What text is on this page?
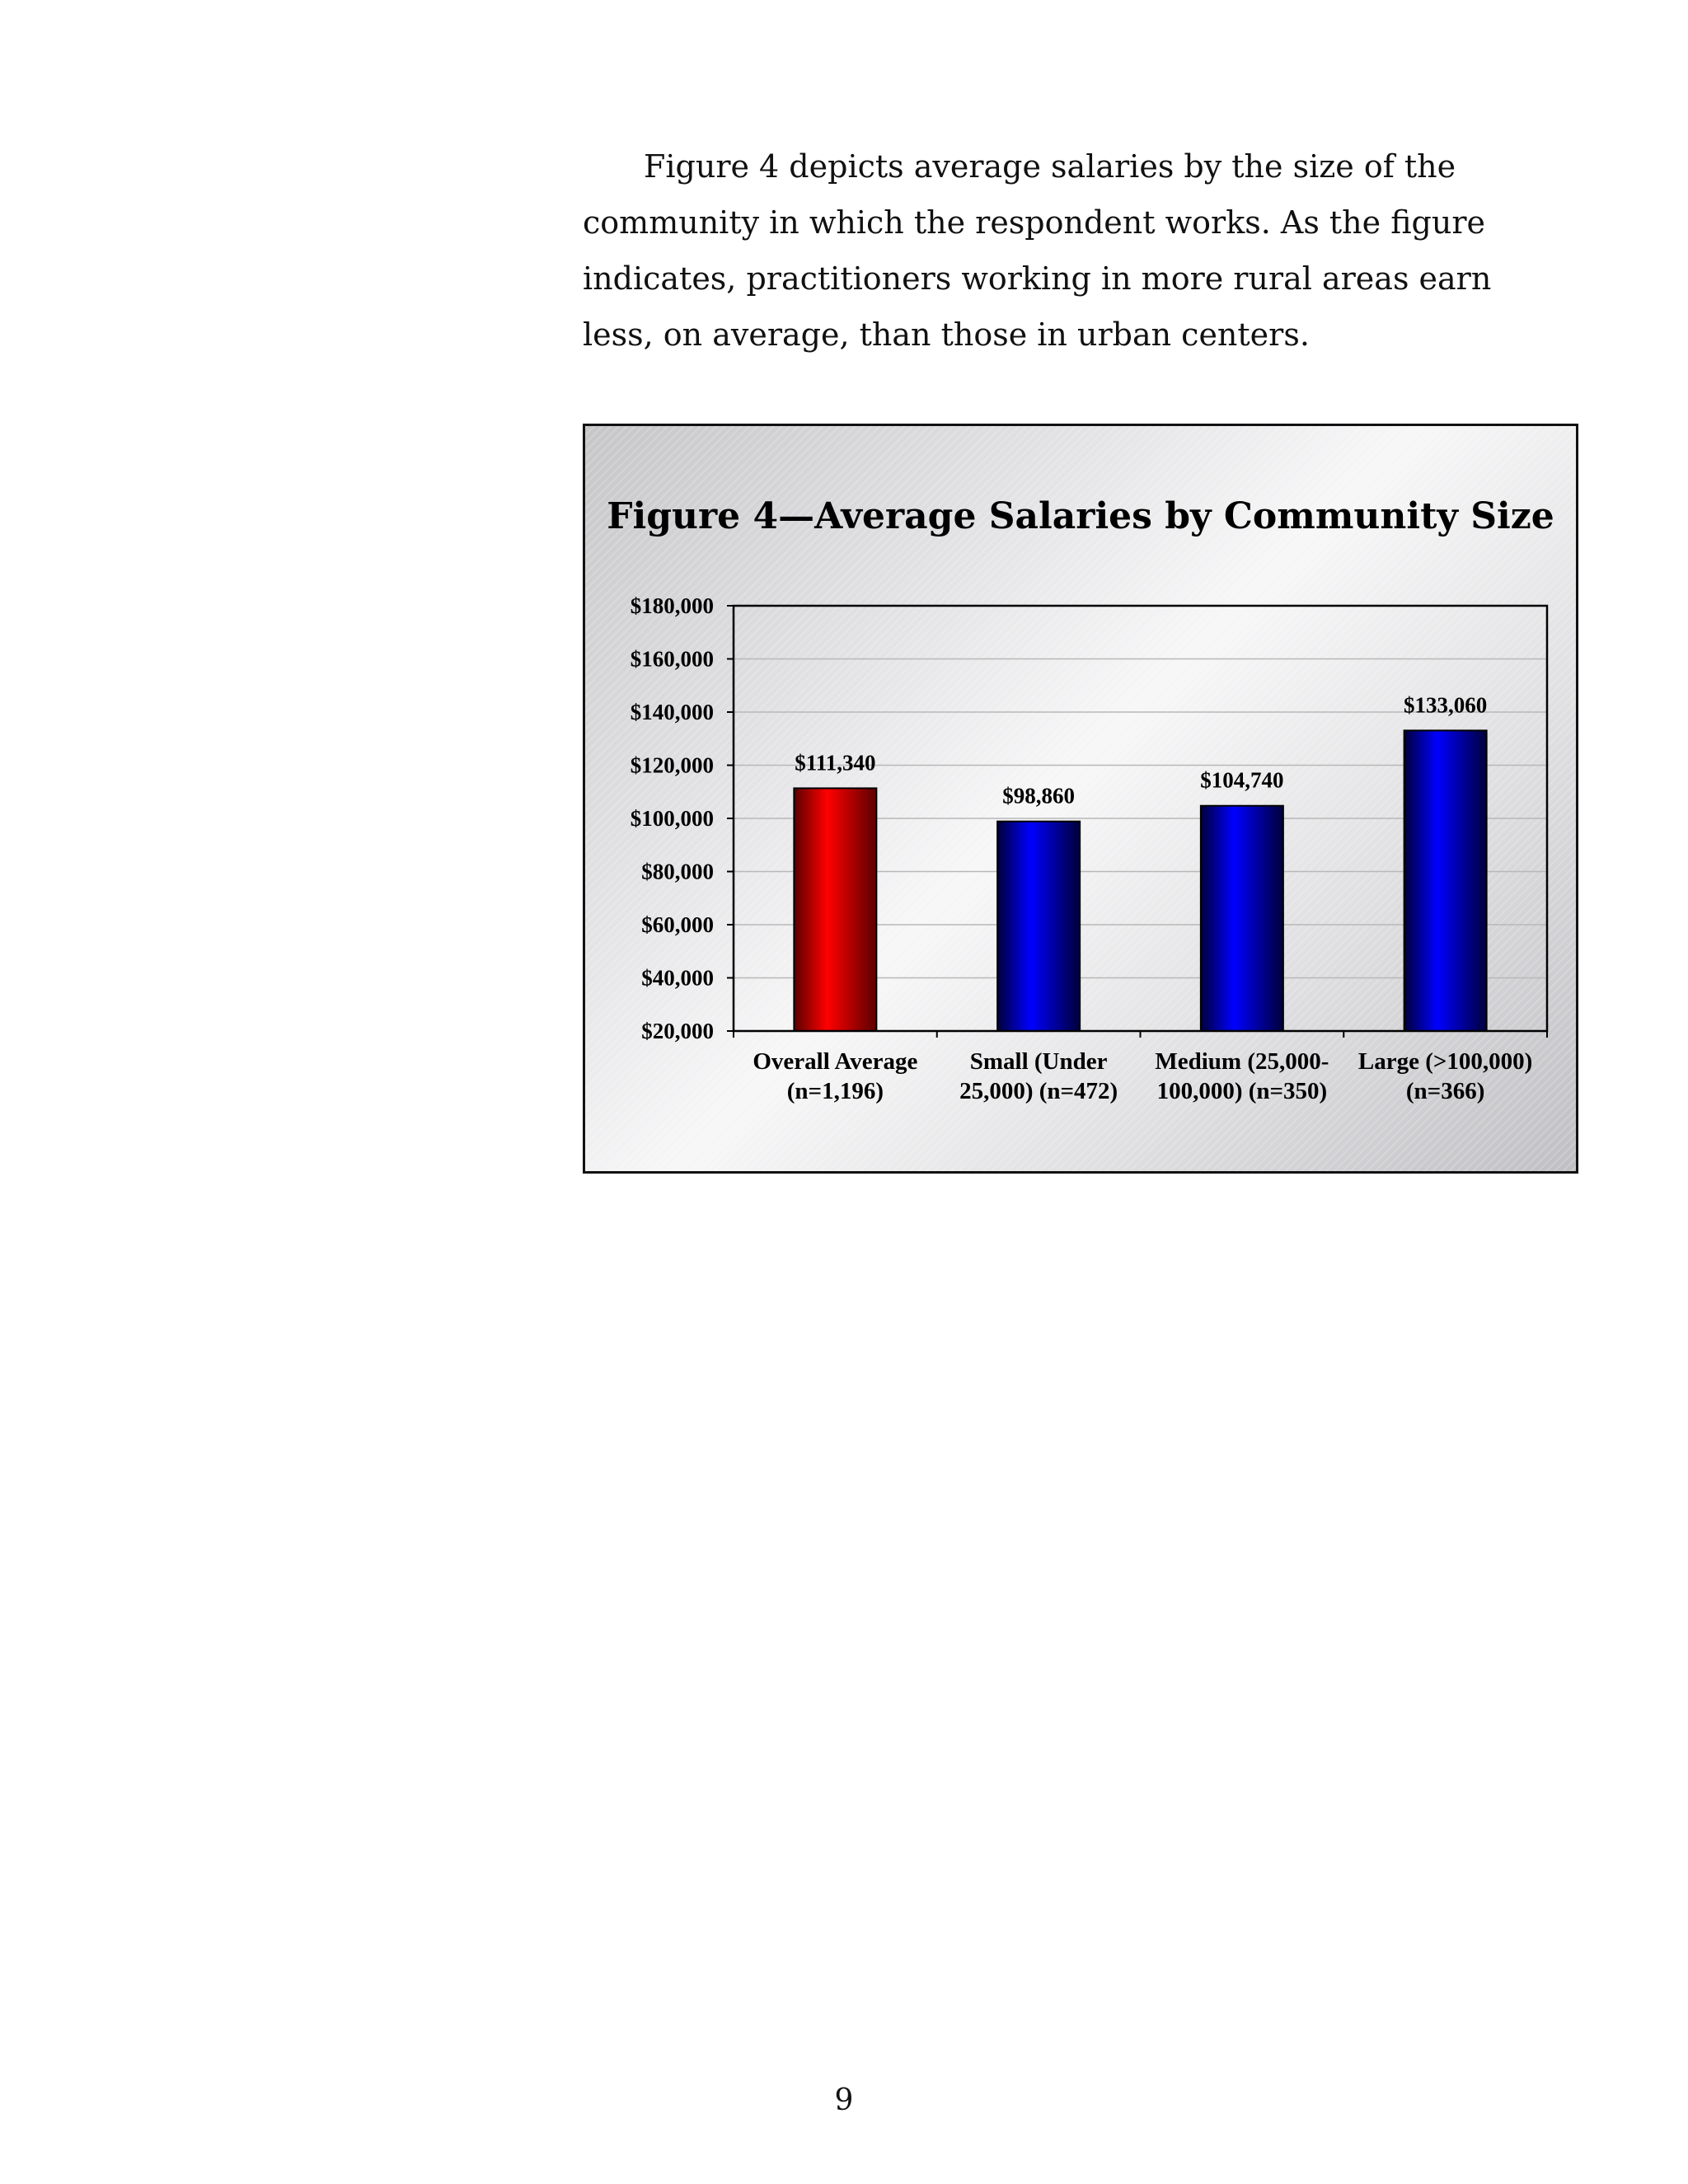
Figure 4 depicts average salaries by the size of the community in which the respondent works. As the figure indicates, practitioners working in more rural areas earn less, on average, than those in urban centers.

Figure 4—Average Salaries by Community Size
$180,000
$160,000
$140,000
$120,000
$100,000
$80,000
$60,000
$40,000
$20,000
$111,340
Overall Average
(n=1,196)
$98,860
Small (Under
25,000) (n=472)
$104,740
Medium (25,000-
100,000) (n=350)
$133,060
Large (>100,000)
(n=366)
9
